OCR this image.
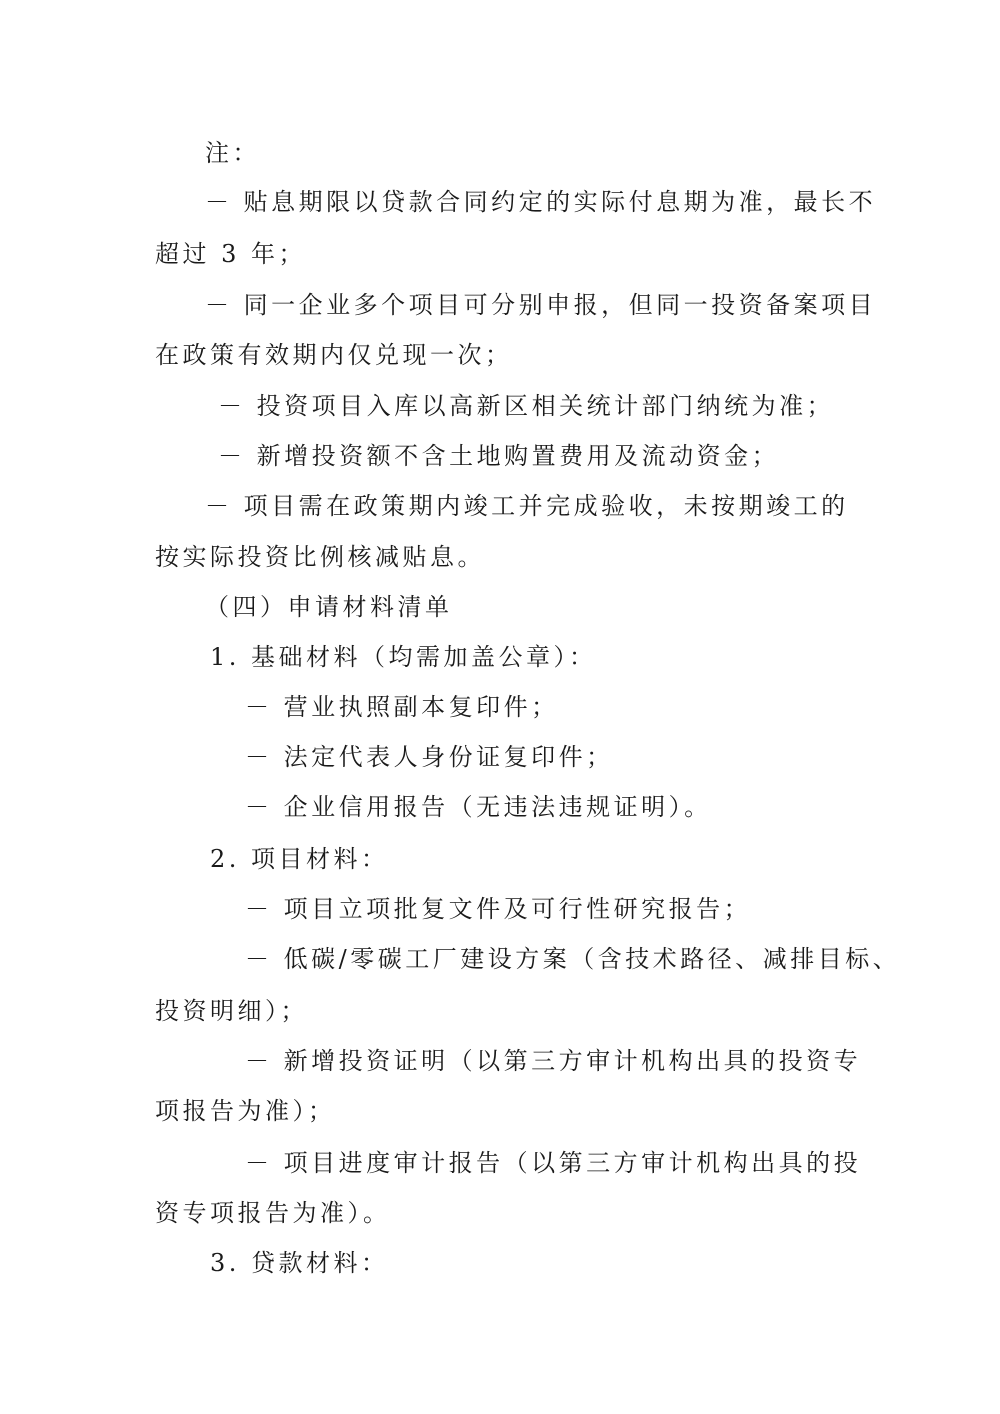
注：
－ 贴息期限以贷款合同约定的实际付息期为准，最长不
超过 3 年；
－ 同一企业多个项目可分别申报，但同一投资备案项目
在政策有效期内仅兑现一次；
－ 投资项目入库以高新区相关统计部门纳统为准；
－ 新增投资额不含土地购置费用及流动资金；
－ 项目需在政策期内竣工并完成验收，未按期竣工的
按实际投资比例核减贴息。
（四）申请材料清单
1. 基础材料（均需加盖公章）：
－ 营业执照副本复印件；
－ 法定代表人身份证复印件；
－ 企业信用报告（无违法违规证明）。
2. 项目材料：
－ 项目立项批复文件及可行性研究报告；
－ 低碳/零碳工厂建设方案（含技术路径、减排目标、
投资明细）；
－ 新增投资证明（以第三方审计机构出具的投资专
项报告为准）；
－ 项目进度审计报告（以第三方审计机构出具的投
资专项报告为准）。
3. 贷款材料：
